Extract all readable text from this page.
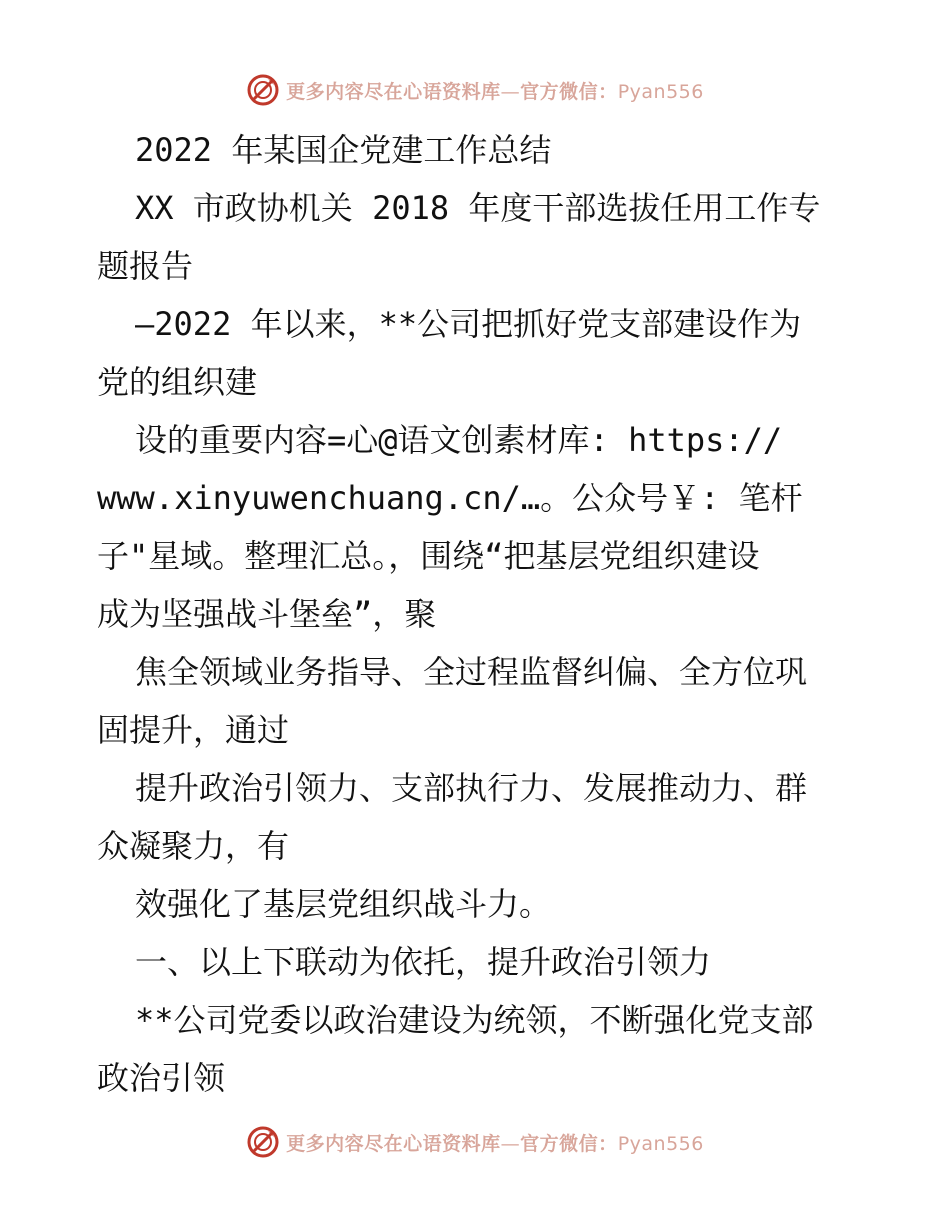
更多内容尽在心语资料库—官方微信：Pyan556
2022 年某国企党建工作总结
XX 市政协机关 2018 年度干部选拔任用工作专
题报告
—2022 年以来，**公司把抓好党支部建设作为
党的组织建
设的重要内容=心@语文创素材库: https://
www.xinyuwenchuang.cn/…。公众号￥: 笔杆
子"星域。整理汇总。，围绕“把基层党组织建设
成为坚强战斗堡垒”，聚
焦全领域业务指导、全过程监督纠偏、全方位巩
固提升，通过
提升政治引领力、支部执行力、发展推动力、群
众凝聚力，有
效强化了基层党组织战斗力。
一、以上下联动为依托，提升政治引领力
**公司党委以政治建设为统领，不断强化党支部
政治引领
更多内容尽在心语资料库—官方微信：Pyan556
